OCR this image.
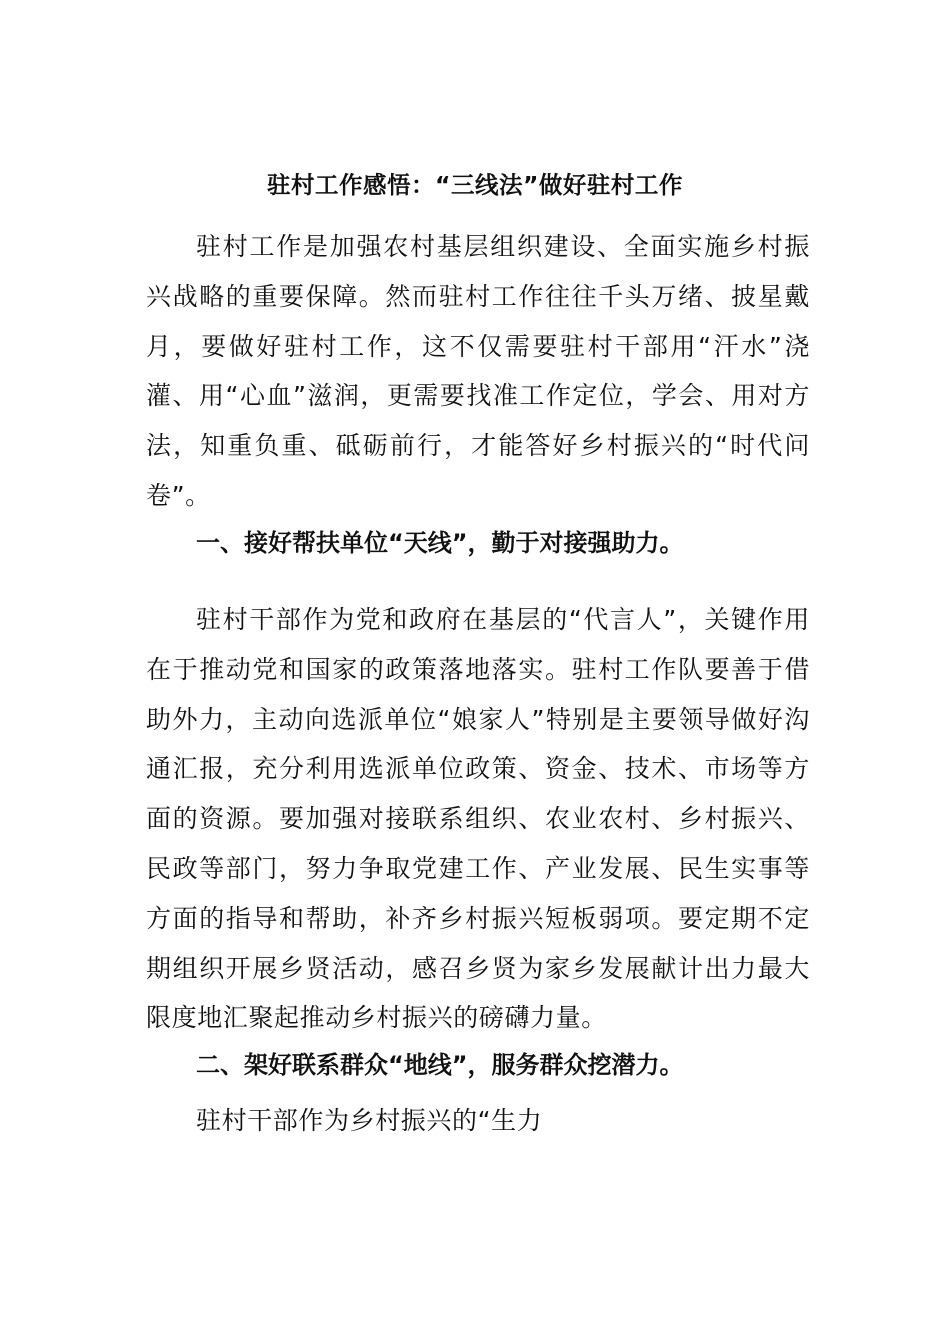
驻村工作感悟：“三线法”做好驻村工作

驻村工作是加强农村基层组织建设、全面实施乡村振兴战略的重要保障。然而驻村工作往往千头万绪、披星戴月，要做好驻村工作，这不仅需要驻村干部用“汗水”浇灌、用“心血”滋润，更需要找准工作定位，学会、用对方法，知重负重、砥砺前行，才能答好乡村振兴的“时代问卷”。

一、接好帮扶单位“天线”，勤于对接强助力。

驻村干部作为党和政府在基层的“代言人”，关键作用在于推动党和国家的政策落地落实。驻村工作队要善于借助外力，主动向选派单位“娘家人”特别是主要领导做好沟通汇报，充分利用选派单位政策、资金、技术、市场等方面的资源。要加强对接联系组织、农业农村、乡村振兴、民政等部门，努力争取党建工作、产业发展、民生实事等方面的指导和帮助，补齐乡村振兴短板弱项。要定期不定期组织开展乡贤活动，感召乡贤为家乡发展献计出力最大限度地汇聚起推动乡村振兴的磅礴力量。

二、架好联系群众“地线”，服务群众挖潜力。

驻村干部作为乡村振兴的“生力
